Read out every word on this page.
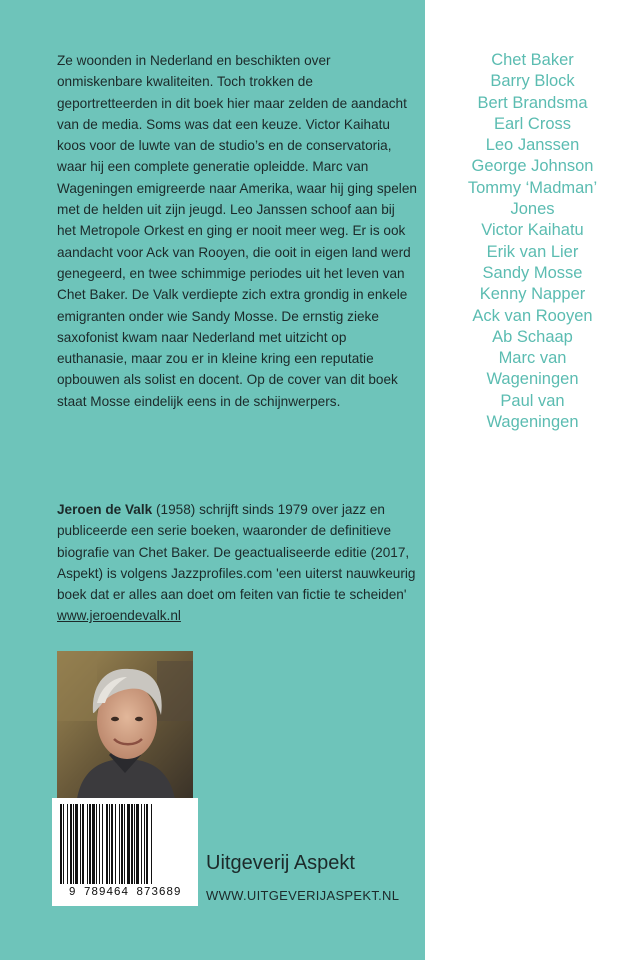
Chet Baker
Barry Block
Bert Brandsma
Earl Cross
Leo Janssen
George Johnson
Tommy ‘Madman’
Jones
Victor Kaihatu
Erik van Lier
Sandy Mosse
Kenny Napper
Ack van Rooyen
Ab Schaap
Marc van
Wageningen
Paul van
Wageningen
Ze woonden in Nederland en beschikten over onmiskenbare kwaliteiten. Toch trokken de geportretteerden in dit boek hier maar zelden de aandacht van de media. Soms was dat een keuze. Victor Kaihatu koos voor de luwte van de studio’s en de conservatoria, waar hij een complete generatie opleidde. Marc van Wageningen emigreerde naar Amerika, waar hij ging spelen met de helden uit zijn jeugd. Leo Janssen schoof aan bij het Metropole Orkest en ging er nooit meer weg. Er is ook aandacht voor Ack van Rooyen, die ooit in eigen land werd genegeerd, en twee schimmige periodes uit het leven van Chet Baker. De Valk verdiepte zich extra grondig in enkele emigranten onder wie Sandy Mosse. De ernstig zieke saxofonist kwam naar Nederland met uitzicht op euthanasie, maar zou er in kleine kring een reputatie opbouwen als solist en docent. Op de cover van dit boek staat Mosse eindelijk eens in de schijnwerpers.
Jeroen de Valk (1958) schrijft sinds 1979 over jazz en publiceerde een serie boeken, waaronder de definitieve biografie van Chet Baker. De geactualiseerde editie (2017, Aspekt) is volgens Jazzprofiles.com 'een uiterst nauwkeurig boek dat er alles aan doet om feiten van fictie te scheiden' www.jeroendevalk.nl
9 789464 873689
Uitgeverij Aspekt
WWW.UITGEVERIJASPEKT.NL
